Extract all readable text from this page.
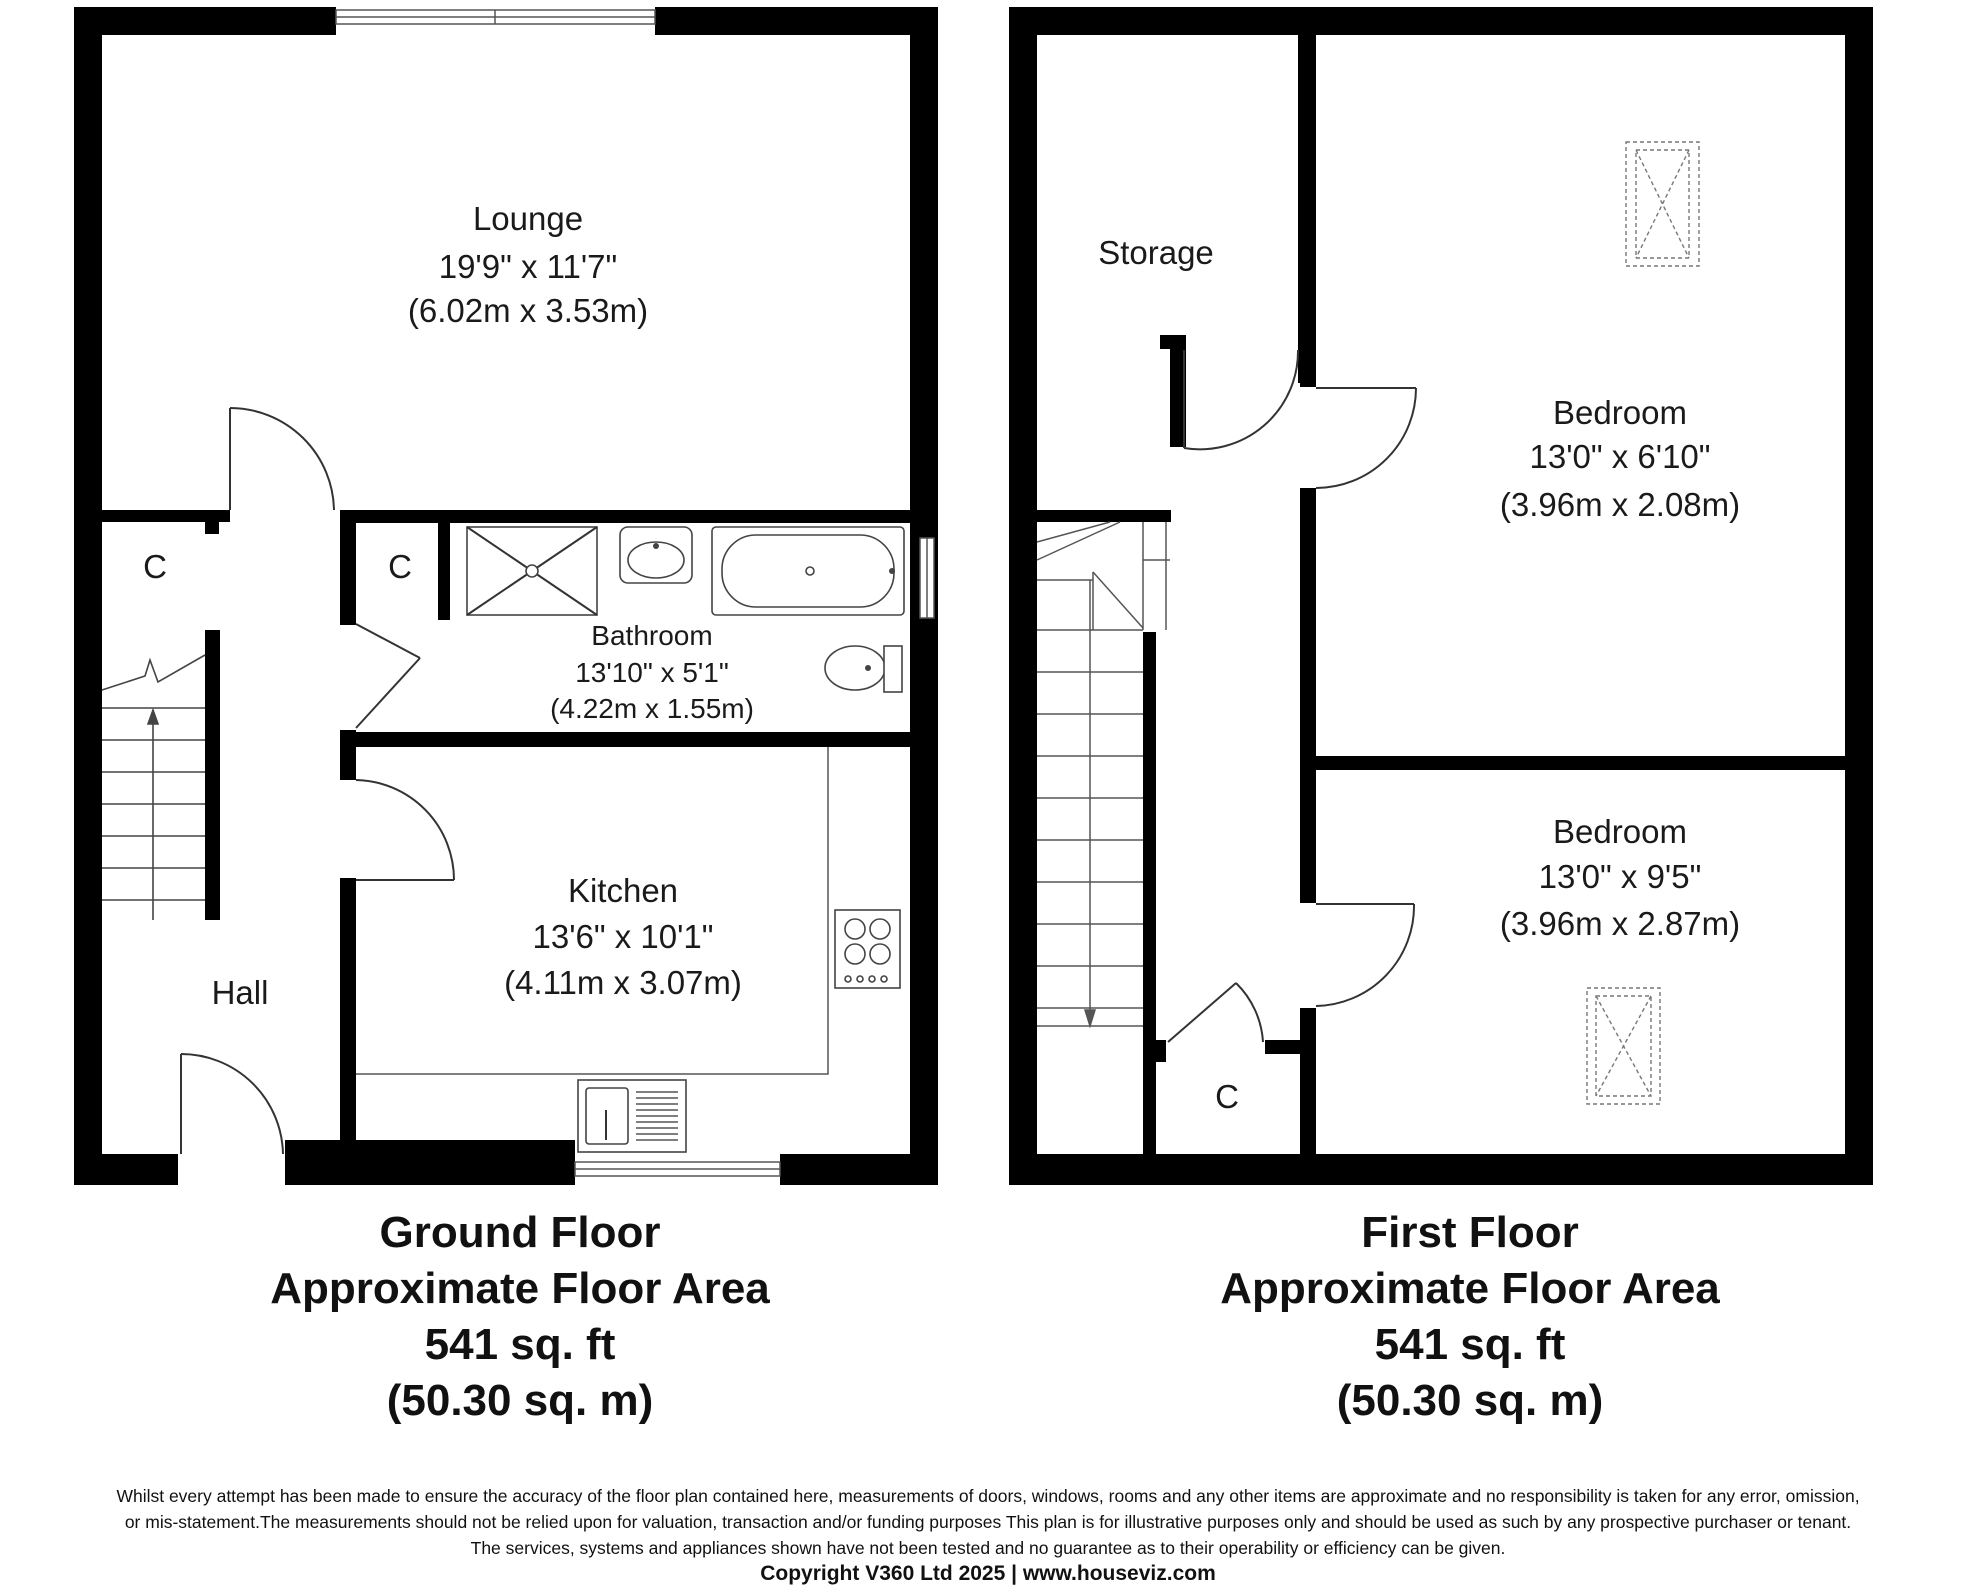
Lounge
19'9" x 11'7"
(6.02m x 3.53m)
C	C
Bathroom
13'10" x 5'1"
(4.22m x 1.55m)
Kitchen
13'6" x 10'1"
(4.11m x 3.07m)
Hall
Ground Floor
Approximate Floor Area
541 sq. ft
(50.30 sq. m)
Storage
Bedroom
13'0" x 6'10"
(3.96m x 2.08m)
Bedroom
13'0" x 9'5"
(3.96m x 2.87m)
C
First Floor
Approximate Floor Area
541 sq. ft
(50.30 sq. m)
Whilst every attempt has been made to ensure the accuracy of the floor plan contained here, measurements of doors, windows, rooms and any other items are approximate and no responsibility is taken for any error, omission,
or mis-statement.The measurements should not be relied upon for valuation, transaction and/or funding purposes This plan is for illustrative purposes only and should be used as such by any prospective purchaser or tenant.
The services, systems and appliances shown have not been tested and no guarantee as to their operability or efficiency can be given.
Copyright V360 Ltd 2025 | www.houseviz.com
